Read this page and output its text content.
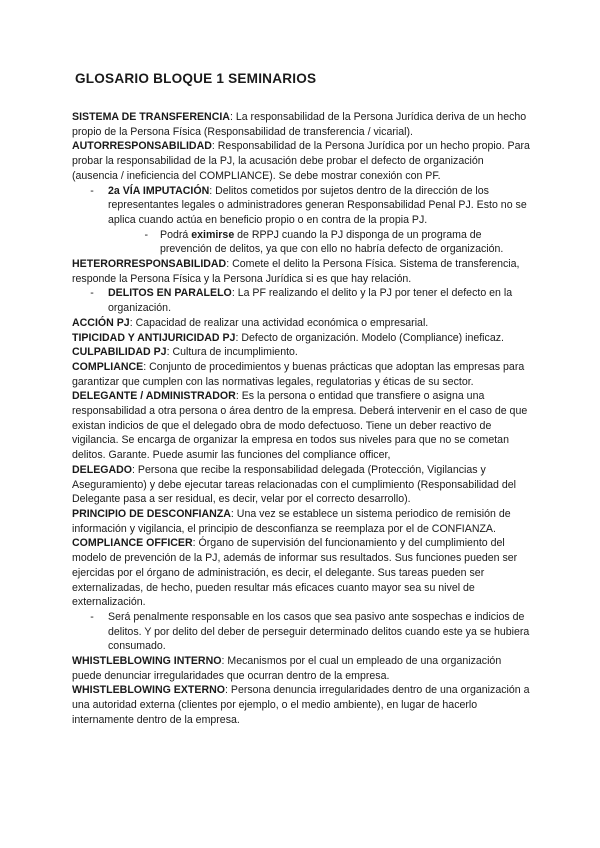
GLOSARIO BLOQUE 1 SEMINARIOS

SISTEMA DE TRANSFERENCIA: La responsabilidad de la Persona Jurídica deriva de un hecho propio de la Persona Física (Responsabilidad de transferencia / vicarial).

AUTORRESPONSABILIDAD: Responsabilidad de la Persona Jurídica por un hecho propio. Para probar la responsabilidad de la PJ, la acusación debe probar el defecto de organización (ausencia / ineficiencia del COMPLIANCE). Se debe mostrar conexión con PF.

-	2a VÍA IMPUTACIÓN: Delitos cometidos por sujetos dentro de la dirección de los representantes legales o administradores generan Responsabilidad Penal PJ. Esto no se aplica cuando actúa en beneficio propio o en contra de la propia PJ.
-	Podrá eximirse de RPPJ cuando la PJ disponga de un programa de prevención de delitos, ya que con ello no habría defecto de organización.

HETERORRESPONSABILIDAD: Comete el delito la Persona Física. Sistema de transferencia, responde la Persona Física y la Persona Jurídica si es que hay relación.

-	DELITOS EN PARALELO: La PF realizando el delito y la PJ por tener el defecto en la organización.

ACCIÓN PJ: Capacidad de realizar una actividad económica o empresarial.

TIPICIDAD Y ANTIJURICIDAD PJ: Defecto de organización. Modelo (Compliance) ineficaz.

CULPABILIDAD PJ: Cultura de incumplimiento.

COMPLIANCE: Conjunto de procedimientos y buenas prácticas que adoptan las empresas para garantizar que cumplen con las normativas legales, regulatorias y éticas de su sector.

DELEGANTE / ADMINISTRADOR: Es la persona o entidad que transfiere o asigna una responsabilidad a otra persona o área dentro de la empresa. Deberá intervenir en el caso de que existan indicios de que el delegado obra de modo defectuoso. Tiene un deber reactivo de vigilancia. Se encarga de organizar la empresa en todos sus niveles para que no se cometan delitos. Garante. Puede asumir las funciones del compliance officer,

DELEGADO: Persona que recibe la responsabilidad delegada (Protección, Vigilancias y Aseguramiento) y debe ejecutar tareas relacionadas con el cumplimiento (Responsabilidad del Delegante pasa a ser residual, es decir, velar por el correcto desarrollo).

PRINCIPIO DE DESCONFIANZA: Una vez se establece un sistema periodico de remisión de información y vigilancia, el principio de desconfianza se reemplaza por el de CONFIANZA.

COMPLIANCE OFFICER: Órgano de supervisión del funcionamiento y del cumplimiento del modelo de prevención de la PJ, además de informar sus resultados. Sus funciones pueden ser ejercidas por el órgano de administración, es decir, el delegante. Sus tareas pueden ser externalizadas, de hecho, pueden resultar más eficaces cuanto mayor sea su nivel de externalización.

-	Será penalmente responsable en los casos que sea pasivo ante sospechas e indicios de delitos. Y por delito del deber de perseguir determinado delitos cuando este ya se hubiera consumado.

WHISTLEBLOWING INTERNO: Mecanismos por el cual un empleado de una organización puede denunciar irregularidades que ocurran dentro de la empresa.

WHISTLEBLOWING EXTERNO: Persona denuncia irregularidades dentro de una organización a una autoridad externa (clientes por ejemplo, o el medio ambiente), en lugar de hacerlo internamente dentro de la empresa.
